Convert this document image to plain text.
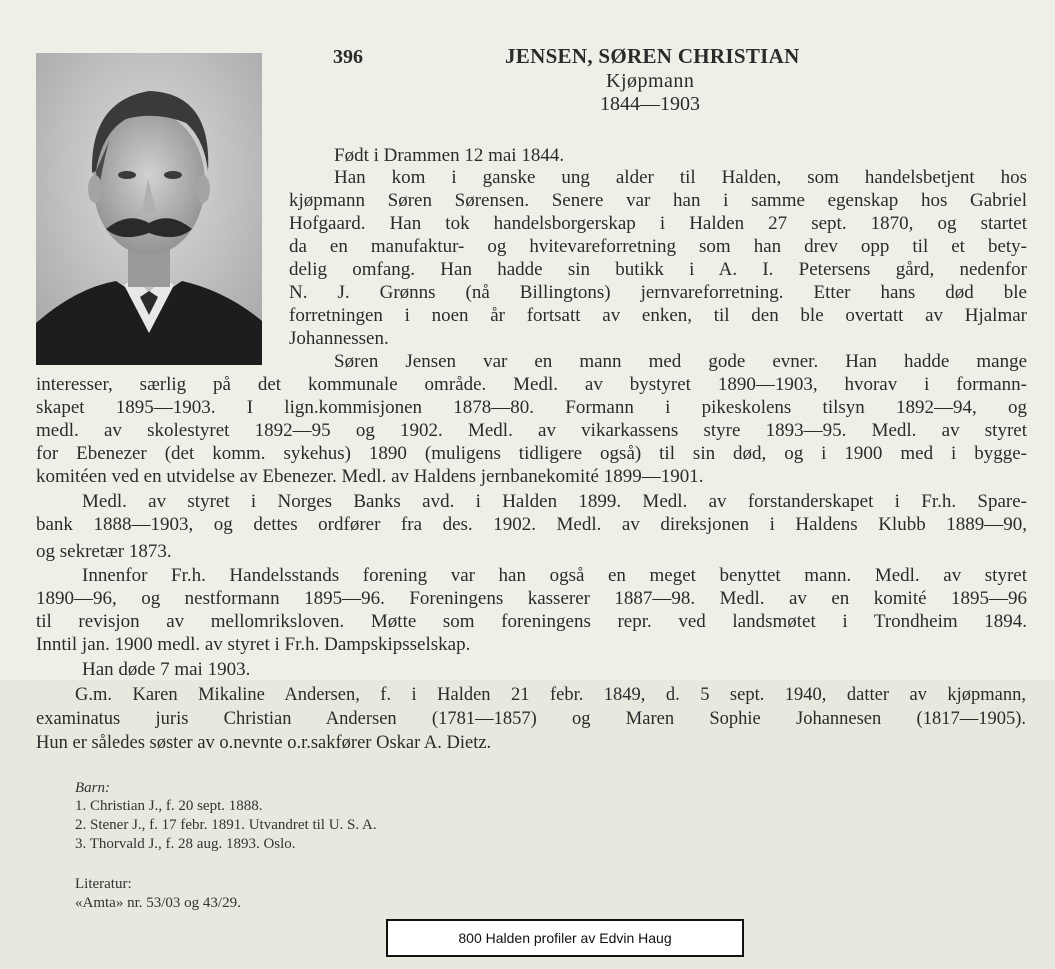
396	JENSEN, SØREN CHRISTIAN
Kjøpmann
1844—1903
Født i Drammen 12 mai 1844.
Han kom i ganske ung alder til Halden, som handelsbetjent hos
kjøpmann Søren Sørensen. Senere var han i samme egenskap hos Gabriel
Hofgaard. Han tok handelsborgerskap i Halden 27 sept. 1870, og startet
da en manufaktur- og hvitevareforretning som han drev opp til et bety-
delig omfang. Han hadde sin butikk i A. I. Petersens gård, nedenfor
N. J. Grønns (nå Billingtons) jernvareforretning. Etter hans død ble
forretningen i noen år fortsatt av enken, til den ble overtatt av Hjalmar
Johannessen.
Søren Jensen var en mann med gode evner. Han hadde mange
interesser, særlig på det kommunale område. Medl. av bystyret 1890—1903, hvorav i formann-
skapet 1895—1903. I lign.kommisjonen 1878—80. Formann i pikeskolens tilsyn 1892—94, og
medl. av skolestyret 1892—95 og 1902. Medl. av vikarkassens styre 1893—95. Medl. av styret
for Ebenezer (det komm. sykehus) 1890 (muligens tidligere også) til sin død, og i 1900 med i bygge-
komitéen ved en utvidelse av Ebenezer. Medl. av Haldens jernbanekomité 1899—1901.
Medl. av styret i Norges Banks avd. i Halden 1899. Medl. av forstanderskapet i Fr.h. Spare-
bank 1888—1903, og dettes ordfører fra des. 1902. Medl. av direksjonen i Haldens Klubb 1889—90,
og sekretær 1873.
Innenfor Fr.h. Handelsstands forening var han også en meget benyttet mann. Medl. av styret
1890—96, og nestformann 1895—96. Foreningens kasserer 1887—98. Medl. av en komité 1895—96
til revisjon av mellomriksloven. Møtte som foreningens repr. ved landsmøtet i Trondheim 1894.
Inntil jan. 1900 medl. av styret i Fr.h. Dampskipsselskap.
Han døde 7 mai 1903.
G.m. Karen Mikaline Andersen, f. i Halden 21 febr. 1849, d. 5 sept. 1940, datter av kjøpmann,
examinatus juris Christian Andersen (1781—1857) og Maren Sophie Johannesen (1817—1905).
Hun er således søster av o.nevnte o.r.sakfører Oskar A. Dietz.
Barn:
1. Christian J., f. 20 sept. 1888.
2. Stener J., f. 17 febr. 1891. Utvandret til U. S. A.
3. Thorvald J., f. 28 aug. 1893. Oslo.
Literatur:
«Amta» nr. 53/03 og 43/29.
800 Halden profiler av Edvin Haug
